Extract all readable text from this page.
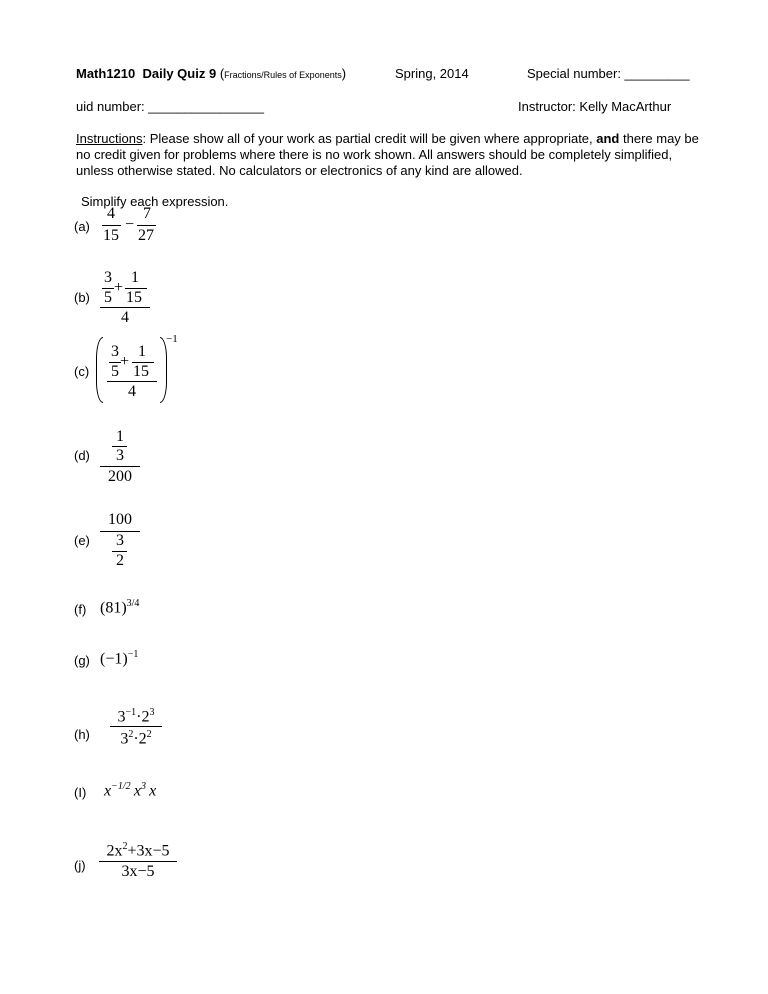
Math1210 Daily Quiz 9 (Fractions/Rules of Exponents)	Spring, 2014	Special number: _________
uid number: ________________	Instructor: Kelly MacArthur
Instructions: Please show all of your work as partial credit will be given where appropriate, and there may be no credit given for problems where there is no work shown. All answers should be completely simplified, unless otherwise stated. No calculators or electronics of any kind are allowed.
Simplify each expression.
(a)
4
15
−
7
27
(b)
3
5
+
1
15
4
(c)
3
5
+
1
15
4
−1
(d)
1
3
200
(e)
100
3
2
(f) $(81)^{3/4}$
(g) $(-1)^{-1}$
(h)
$3^{-1}\cdot 2^3$
$3^2\cdot 2^2$
(I) $x^{-1/2}$  $x^3$  x
(j)
$2x^2+3x-5$
3x−5
